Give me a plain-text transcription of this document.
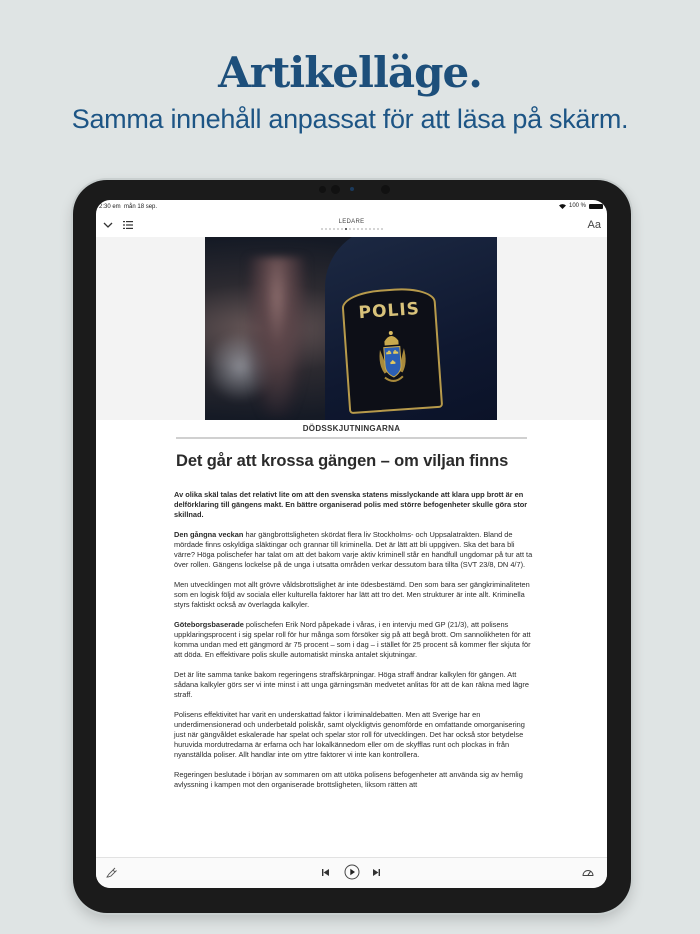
Artikelläge.

Samma innehåll anpassat för att läsa på skärm.

2:30 em mån 18 sep.	100 %
LEDARE	Aa
POLIS
DÖDSSKJUTNINGARNA
Det går att krossa gängen – om viljan finns

Av olika skäl talas det relativt lite om att den svenska statens misslyckande att klara upp brott är en delförklaring till gängens makt. En bättre organiserad polis med större befogenheter skulle göra stor skillnad.

Den gångna veckan har gängbrottsligheten skördat flera liv Stockholms- och Uppsalatrakten. Bland de mördade finns oskyldiga släktingar och grannar till kriminella. Det är lätt att bli uppgiven. Ska det bara bli värre? Höga polischefer har talat om att det bakom varje aktiv kriminell står en handfull ungdomar på tur att ta över rollen. Gängens lockelse på de unga i utsatta områden verkar dessutom bara tillta (SVT 23/8, DN 4/7).

Men utvecklingen mot allt grövre våldsbrottslighet är inte ödesbestämd. Den som bara ser gängkriminaliteten som en logisk följd av sociala eller kulturella faktorer har lätt att tro det. Men strukturer är inte allt. Kriminella styrs faktiskt också av överlagda kalkyler.

Göteborgsbaserade polischefen Erik Nord påpekade i våras, i en intervju med GP (21/3), att polisens uppklaringsprocent i sig spelar roll för hur många som försöker sig på att begå brott. Om sannolikheten för att komma undan med ett gängmord är 75 procent – som i dag – i stället för 25 procent så kommer fler skjuta för att döda. En effektivare polis skulle automatiskt minska antalet skjutningar.

Det är lite samma tanke bakom regeringens straffskärpningar. Höga straff ändrar kalkylen för gängen. Att sådana kalkyler görs ser vi inte minst i att unga gärningsmän medvetet anlitas för att de kan räkna med lägre straff.

Polisens effektivitet har varit en underskattad faktor i kriminaldebatten. Men att Sverige har en underdimensionerad och underbetald poliskår, samt olyckligtvis genomförde en omfattande omorganisering just när gängvåldet eskalerade har spelat och spelar stor roll för utvecklingen. Det har också stor betydelse huruvida mordutredarna är erfarna och har lokalkännedom eller om de skyfflas runt och plockas in från nyanställda poliser. Allt handlar inte om yttre faktorer vi inte kan kontrollera.

Regeringen beslutade i början av sommaren om att utöka polisens befogenheter att använda sig av hemlig avlyssning i kampen mot den organiserade brottsligheten, liksom rätten att
